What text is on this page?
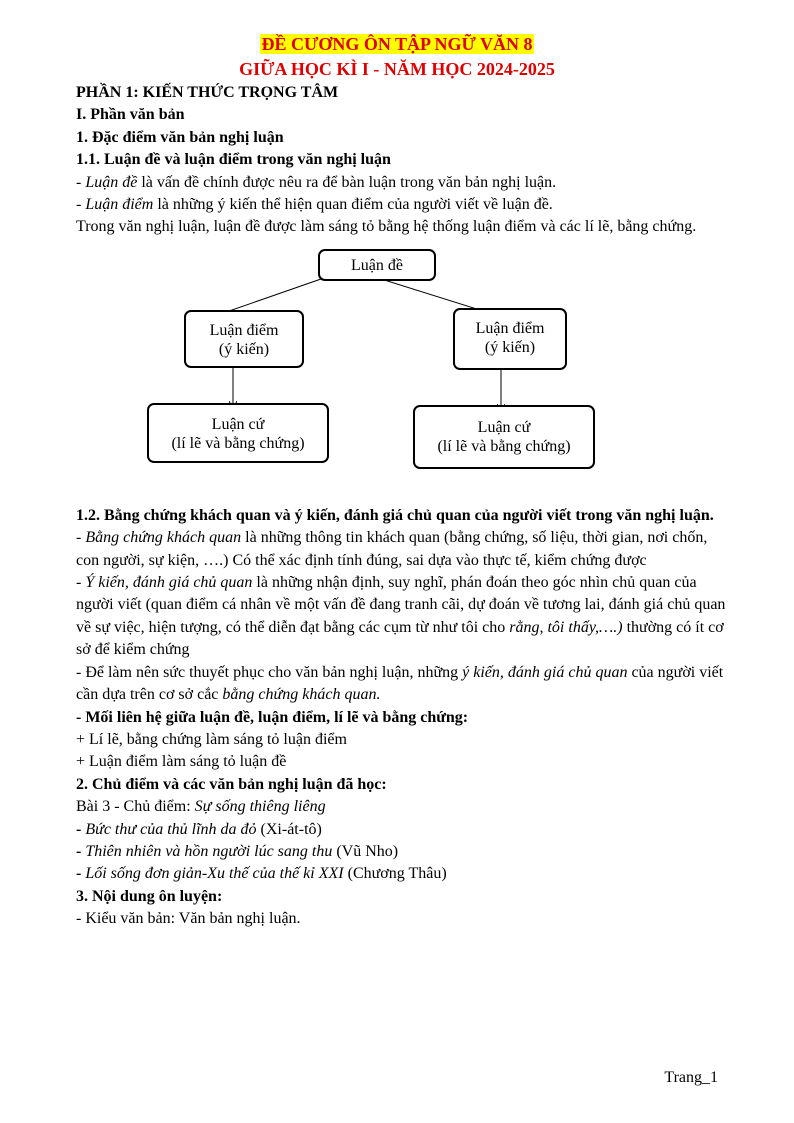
ĐỀ CƯƠNG ÔN TẬP NGỮ VĂN 8
GIỮA HỌC KÌ I - NĂM HỌC 2024-2025

PHẦN 1: KIẾN THỨC TRỌNG TÂM

I. Phần văn bản

1. Đặc điểm văn bản nghị luận

1.1. Luận đề và luận điểm trong văn nghị luận

- Luận đề là vấn đề chính được nêu ra để bàn luận trong văn bản nghị luận.

- Luận điểm là những ý kiến thể hiện quan điểm của người viết về luận đề.

Trong văn nghị luận, luận đề được làm sáng tỏ bằng hệ thống luận điểm và các lí lẽ, bằng chứng.

Luận đề
Luận điểm
(ý kiến)
Luận điểm
(ý kiến)
Luận cứ
(lí lẽ và bằng chứng)
Luận cứ
(lí lẽ và bằng chứng)

1.2. Bằng chứng khách quan và ý kiến, đánh giá chủ quan của người viết trong văn nghị luận.

- Bằng chứng khách quan là những thông tin khách quan (bằng chứng, số liệu, thời gian, nơi chốn, con người, sự kiện, ….) Có thể xác định tính đúng, sai dựa vào thực tế, kiểm chứng được

- Ý kiến, đánh giá chủ quan là những nhận định, suy nghĩ, phán đoán theo góc nhìn chủ quan của người viết (quan điểm cá nhân về một vấn đề đang tranh cãi, dự đoán về tương lai, đánh giá chủ quan về sự việc, hiện tượng, có thể diễn đạt bằng các cụm từ như tôi cho rằng, tôi thấy,….) thường có ít cơ sở để kiểm chứng

- Để làm nên sức thuyết phục cho văn bản nghị luận, những ý kiến, đánh giá chủ quan của người viết cần dựa trên cơ sở cắc bằng chứng khách quan.

- Mối liên hệ giữa luận đề, luận điểm, lí lẽ và bằng chứng:

+ Lí lẽ, bằng chứng làm sáng tỏ luận điểm

+ Luận điểm làm sáng tỏ luận đề

2. Chủ điểm và các văn bản nghị luận đã học:

Bài 3 - Chủ điểm: Sự sống thiêng liêng

- Bức thư của thủ lĩnh da đỏ (Xi-át-tô)

- Thiên nhiên và hồn người lúc sang thu (Vũ Nho)

- Lối sống đơn giản-Xu thế của thế kỉ XXI (Chương Thâu)

3. Nội dung ôn luyện:

- Kiểu văn bản: Văn bản nghị luận.

Trang_1
